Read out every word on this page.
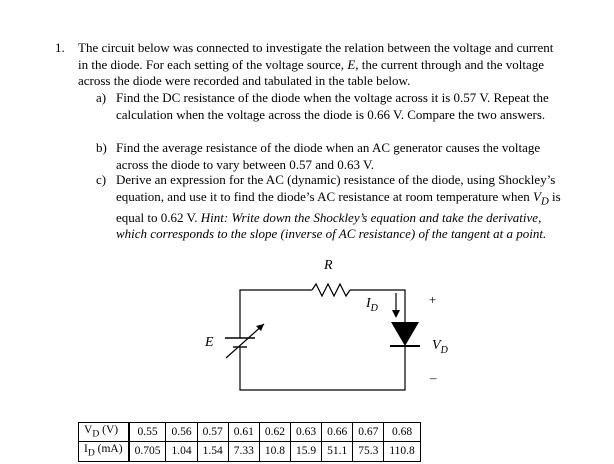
1. The circuit below was connected to investigate the relation between the voltage and current in the diode. For each setting of the voltage source, E, the current through and the voltage across the diode were recorded and tabulated in the table below.
a) Find the DC resistance of the diode when the voltage across it is 0.57 V. Repeat the calculation when the voltage across the diode is 0.66 V. Compare the two answers.
b) Find the average resistance of the diode when an AC generator causes the voltage across the diode to vary between 0.57 and 0.63 V.
c) Derive an expression for the AC (dynamic) resistance of the diode, using Shockley’s equation, and use it to find the diode’s AC resistance at room temperature when $V_D$ is equal to 0.62 V. Hint: Write down the Shockley’s equation and take the derivative, which corresponds to the slope (inverse of AC resistance) of the tangent at a point.
R
E
$I_D$
$V_D$
+
–
$V_D$ (V)	0.55	0.56	0.57	0.61	0.62	0.63	0.66	0.67	0.68
$I_D$ (mA)	0.705	1.04	1.54	7.33	10.8	15.9	51.1	75.3	110.8
